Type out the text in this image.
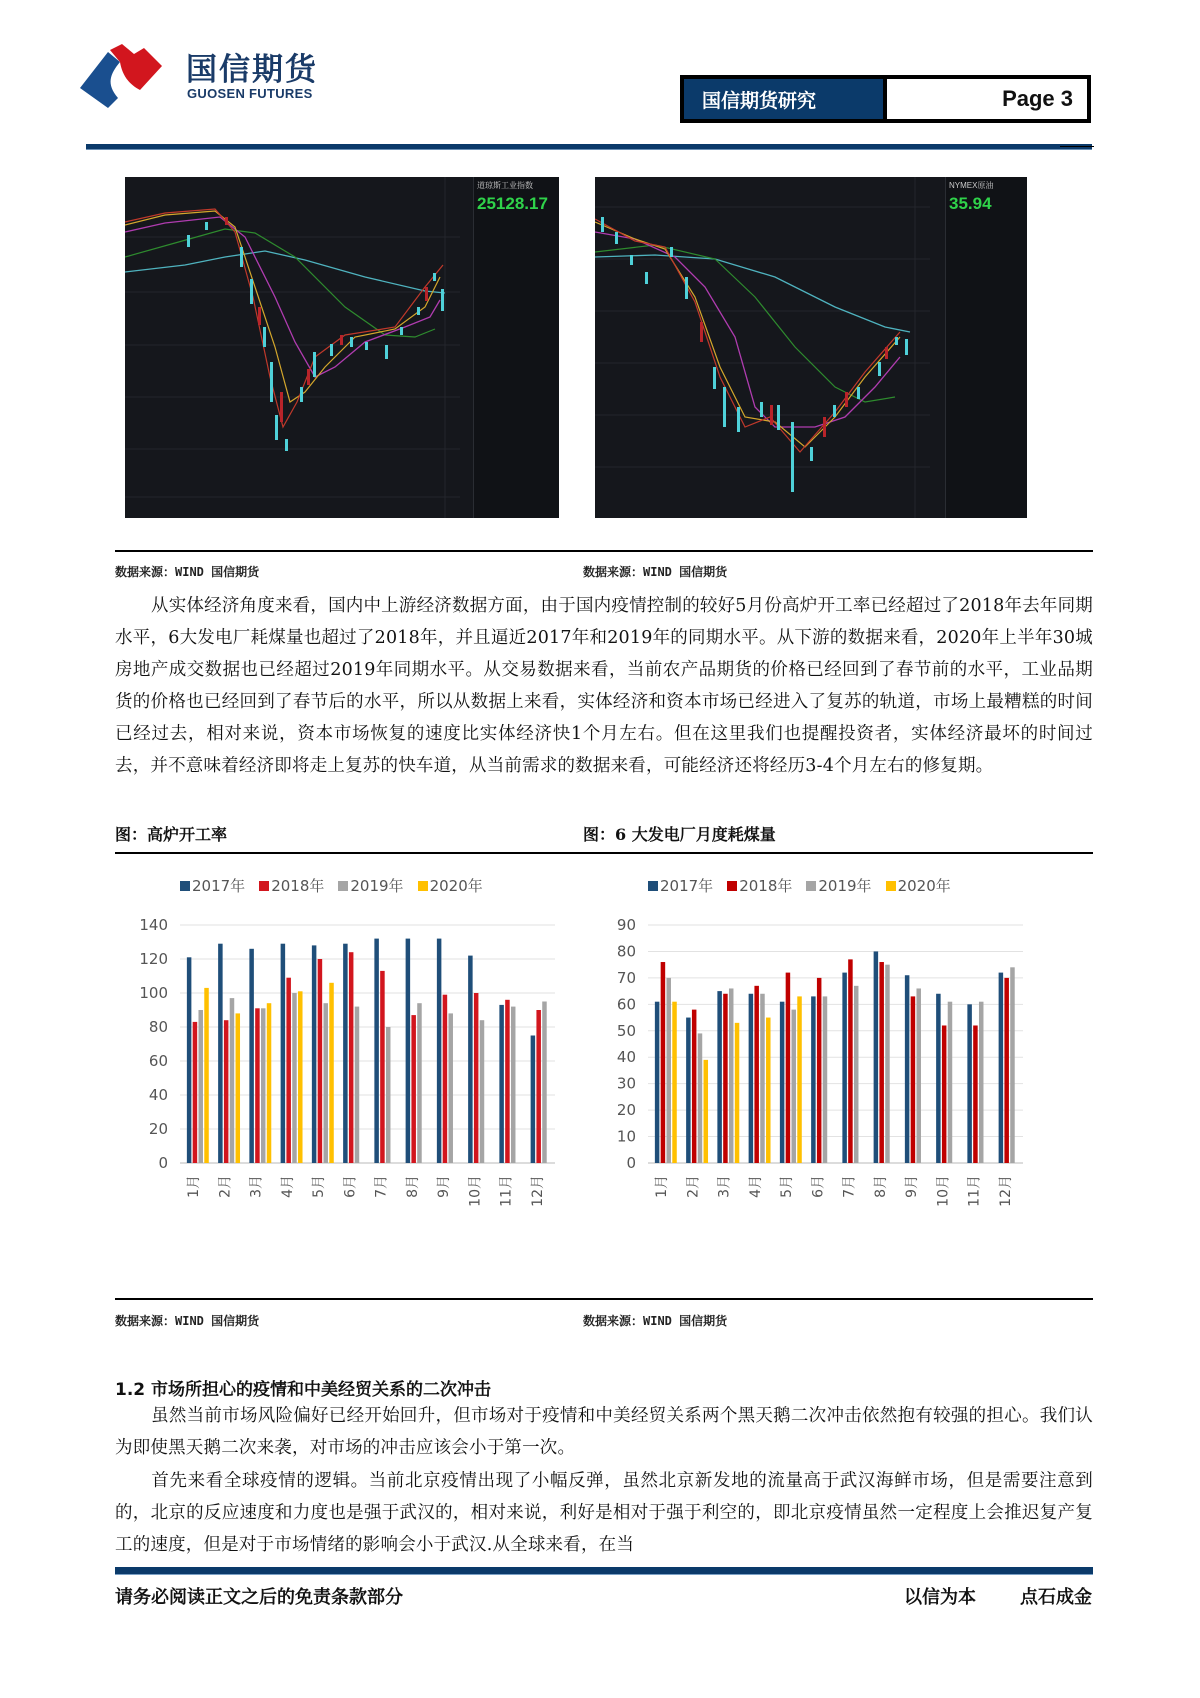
国信期货
GUOSEN FUTURES	国信期货研究	Page 3
道琼斯工业指数
25128.17
NYMEX原油
35.94
数据来源：WIND 国信期货	数据来源：WIND 国信期货
从实体经济角度来看，国内中上游经济数据方面，由于国内疫情控制的较好5月份高炉开工率已经超过了2018年去年同期水平，6大发电厂耗煤量也超过了2018年，并且逼近2017年和2019年的同期水平。从下游的数据来看，2020年上半年30城房地产成交数据也已经超过2019年同期水平。从交易数据来看，当前农产品期货的价格已经回到了春节前的水平，工业品期货的价格也已经回到了春节后的水平，所以从数据上来看，实体经济和资本市场已经进入了复苏的轨道，市场上最糟糕的时间已经过去，相对来说，资本市场恢复的速度比实体经济快1个月左右。但在这里我们也提醒投资者，实体经济最坏的时间过去，并不意味着经济即将走上复苏的快车道，从当前需求的数据来看，可能经济还将经历3-4个月左右的修复期。
图：高炉开工率	图：6 大发电厂月度耗煤量
2017年 2018年 2019年 2020年
0
20
40
60
80
100
120
140
1月 2月 3月 4月 5月 6月 7月 8月 9月 10月 11月 12月
2017年 2018年 2019年 2020年
0
10
20
30
40
50
60
70
80
90
1月 2月 3月 4月 5月 6月 7月 8月 9月 10月 11月 12月
数据来源：WIND 国信期货	数据来源：WIND 国信期货
1.2 市场所担心的疫情和中美经贸关系的二次冲击
虽然当前市场风险偏好已经开始回升，但市场对于疫情和中美经贸关系两个黑天鹅二次冲击依然抱有较强的担心。我们认为即使黑天鹅二次来袭，对市场的冲击应该会小于第一次。
首先来看全球疫情的逻辑。当前北京疫情出现了小幅反弹，虽然北京新发地的流量高于武汉海鲜市场，但是需要注意到的，北京的反应速度和力度也是强于武汉的，相对来说，利好是相对于强于利空的，即北京疫情虽然一定程度上会推迟复产复工的速度，但是对于市场情绪的影响会小于武汉.从全球来看，在当
请务必阅读正文之后的免责条款部分	以信为本 点石成金
